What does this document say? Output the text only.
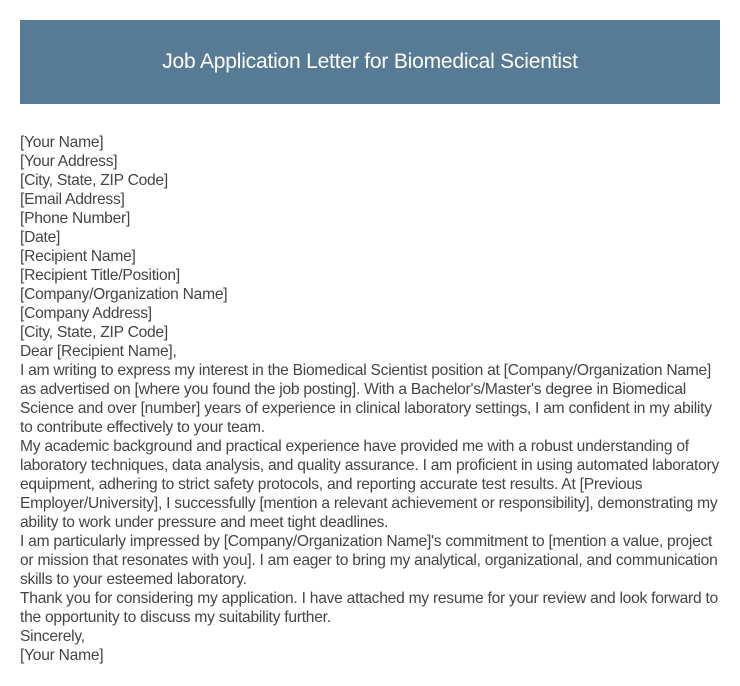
Job Application Letter for Biomedical Scientist
[Your Name]
[Your Address]
[City, State, ZIP Code]
[Email Address]
[Phone Number]
[Date]
[Recipient Name]
[Recipient Title/Position]
[Company/Organization Name]
[Company Address]
[City, State, ZIP Code]
Dear [Recipient Name],

I am writing to express my interest in the Biomedical Scientist position at [Company/Organization Name] as advertised on [where you found the job posting]. With a Bachelor's/Master's degree in Biomedical Science and over [number] years of experience in clinical laboratory settings, I am confident in my ability to contribute effectively to your team.

My academic background and practical experience have provided me with a robust understanding of laboratory techniques, data analysis, and quality assurance. I am proficient in using automated laboratory equipment, adhering to strict safety protocols, and reporting accurate test results. At [Previous Employer/University], I successfully [mention a relevant achievement or responsibility], demonstrating my ability to work under pressure and meet tight deadlines.

I am particularly impressed by [Company/Organization Name]'s commitment to [mention a value, project or mission that resonates with you]. I am eager to bring my analytical, organizational, and communication skills to your esteemed laboratory.

Thank you for considering my application. I have attached my resume for your review and look forward to the opportunity to discuss my suitability further.

Sincerely,
[Your Name]
